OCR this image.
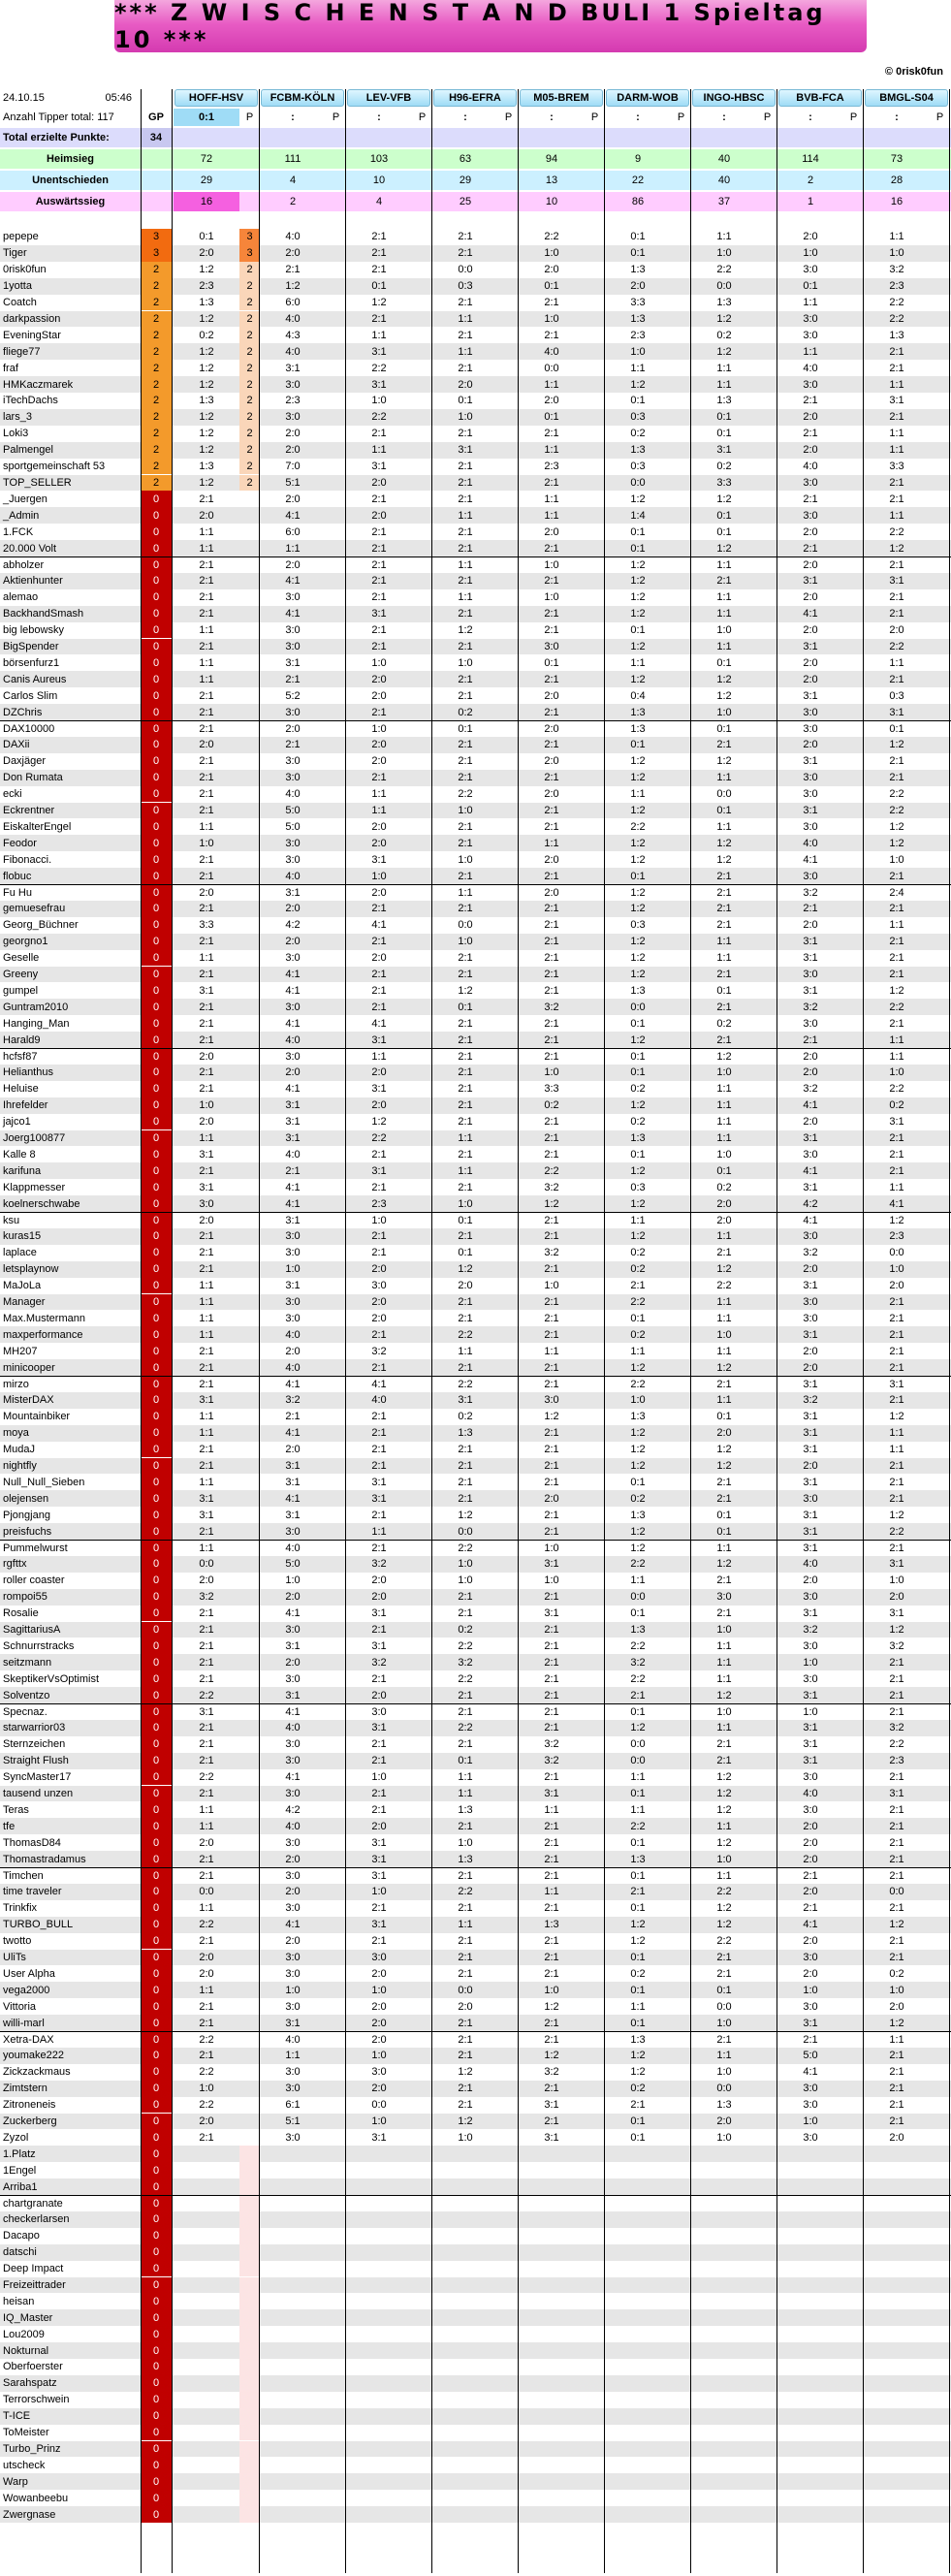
*** Z W I S C H E N S T A N D BULI 1 Spieltag 10 ***
© 0risk0fun
24.10.15	05:46	HOFF-HSV	FCBM-KÖLN	LEV-VFB	H96-EFRA	M05-BREM	DARM-WOB	INGO-HBSC	BVB-FCA	BMGL-S04
Anzahl Tipper total: 117	GP	0:1	P	:	P	:	P	:	P	:	P	:	P	:	P	:	P	:	P
Total erzielte Punkte:	34
Heimsieg	72	111	103	63	94	9	40	114	73
Unentschieden	29	4	10	29	13	22	40	2	28
Auswärtssieg	16	2	4	25	10	86	37	1	16
pepepe	3	0:1	3	4:0	2:1	2:1	2:2	0:1	1:1	2:0	1:1
Tiger	3	2:0	3	2:0	2:1	2:1	1:0	0:1	1:0	1:0	1:0
0risk0fun	2	1:2	2	2:1	2:1	0:0	2:0	1:3	2:2	3:0	3:2
1yotta	2	2:3	2	1:2	0:1	0:3	0:1	2:0	0:0	0:1	2:3
Coatch	2	1:3	2	6:0	1:2	2:1	2:1	3:3	1:3	1:1	2:2
darkpassion	2	1:2	2	4:0	2:1	1:1	1:0	1:3	1:2	3:0	2:2
EveningStar	2	0:2	2	4:3	1:1	2:1	2:1	2:3	0:2	3:0	1:3
fliege77	2	1:2	2	4:0	3:1	1:1	4:0	1:0	1:2	1:1	2:1
fraf	2	1:2	2	3:1	2:2	2:1	0:0	1:1	1:1	4:0	2:1
HMKaczmarek	2	1:2	2	3:0	3:1	2:0	1:1	1:2	1:1	3:0	1:1
iTechDachs	2	1:3	2	2:3	1:0	0:1	2:0	0:1	1:3	2:1	3:1
lars_3	2	1:2	2	3:0	2:2	1:0	0:1	0:3	0:1	2:0	2:1
Loki3	2	1:2	2	2:0	2:1	2:1	2:1	0:2	0:1	2:1	1:1
Palmengel	2	1:2	2	2:0	1:1	3:1	1:1	1:3	3:1	2:0	1:1
sportgemeinschaft 53	2	1:3	2	7:0	3:1	2:1	2:3	0:3	0:2	4:0	3:3
TOP_SELLER	2	1:2	2	5:1	2:0	2:1	2:1	0:0	3:3	3:0	2:1
_Juergen	0	2:1	2:0	2:1	2:1	1:1	1:2	1:2	2:1	2:1
_Admin	0	2:0	4:1	2:0	1:1	1:1	1:4	0:1	3:0	1:1
1.FCK	0	1:1	6:0	2:1	2:1	2:0	0:1	0:1	2:0	2:2
20.000 Volt	0	1:1	1:1	2:1	2:1	2:1	0:1	1:2	2:1	1:2
abholzer	0	2:1	2:0	2:1	1:1	1:0	1:2	1:1	2:0	2:1
Aktienhunter	0	2:1	4:1	2:1	2:1	2:1	1:2	2:1	3:1	3:1
alemao	0	2:1	3:0	2:1	1:1	1:0	1:2	1:1	2:0	2:1
BackhandSmash	0	2:1	4:1	3:1	2:1	2:1	1:2	1:1	4:1	2:1
big lebowsky	0	1:1	3:0	2:1	1:2	2:1	0:1	1:0	2:0	2:0
BigSpender	0	2:1	3:0	2:1	2:1	3:0	1:2	1:1	3:1	2:2
börsenfurz1	0	1:1	3:1	1:0	1:0	0:1	1:1	0:1	2:0	1:1
Canis Aureus	0	1:1	2:1	2:0	2:1	2:1	1:2	1:2	2:0	2:1
Carlos Slim	0	2:1	5:2	2:0	2:1	2:0	0:4	1:2	3:1	0:3
DZChris	0	2:1	3:0	2:1	0:2	2:1	1:3	1:0	3:0	3:1
DAX10000	0	2:1	2:0	1:0	0:1	2:0	1:3	0:1	3:0	0:1
DAXii	0	2:0	2:1	2:0	2:1	2:1	0:1	2:1	2:0	1:2
Daxjäger	0	2:1	3:0	2:0	2:1	2:0	1:2	1:2	3:1	2:1
Don Rumata	0	2:1	3:0	2:1	2:1	2:1	1:2	1:1	3:0	2:1
ecki	0	2:1	4:0	1:1	2:2	2:0	1:1	0:0	3:0	2:2
Eckrentner	0	2:1	5:0	1:1	1:0	2:1	1:2	0:1	3:1	2:2
EiskalterEngel	0	1:1	5:0	2:0	2:1	2:1	2:2	1:1	3:0	1:2
Feodor	0	1:0	3:0	2:0	2:1	1:1	1:2	1:2	4:0	1:2
Fibonacci.	0	2:1	3:0	3:1	1:0	2:0	1:2	1:2	4:1	1:0
flobuc	0	2:1	4:0	1:0	2:1	2:1	0:1	2:1	3:0	2:1
Fu Hu	0	2:0	3:1	2:0	1:1	2:0	1:2	2:1	3:2	2:4
gemuesefrau	0	2:1	2:0	2:1	2:1	2:1	1:2	2:1	2:1	2:1
Georg_Büchner	0	3:3	4:2	4:1	0:0	2:1	0:3	2:1	2:0	1:1
georgno1	0	2:1	2:0	2:1	1:0	2:1	1:2	1:1	3:1	2:1
Geselle	0	1:1	3:0	2:0	2:1	2:1	1:2	1:1	3:1	2:1
Greeny	0	2:1	4:1	2:1	2:1	2:1	1:2	2:1	3:0	2:1
gumpel	0	3:1	4:1	2:1	1:2	2:1	1:3	0:1	3:1	1:2
Guntram2010	0	2:1	3:0	2:1	0:1	3:2	0:0	2:1	3:2	2:2
Hanging_Man	0	2:1	4:1	4:1	2:1	2:1	0:1	0:2	3:0	2:1
Harald9	0	2:1	4:0	3:1	2:1	2:1	1:2	2:1	2:1	1:1
hcfsf87	0	2:0	3:0	1:1	2:1	2:1	0:1	1:2	2:0	1:1
Helianthus	0	2:1	2:0	2:0	2:1	1:0	0:1	1:0	2:0	1:0
Heluise	0	2:1	4:1	3:1	2:1	3:3	0:2	1:1	3:2	2:2
Ihrefelder	0	1:0	3:1	2:0	2:1	0:2	1:2	1:1	4:1	0:2
jajco1	0	2:0	3:1	1:2	2:1	2:1	0:2	1:1	2:0	3:1
Joerg100877	0	1:1	3:1	2:2	1:1	2:1	1:3	1:1	3:1	2:1
Kalle 8	0	3:1	4:0	2:1	2:1	2:1	0:1	1:0	3:0	2:1
karifuna	0	2:1	2:1	3:1	1:1	2:2	1:2	0:1	4:1	2:1
Klappmesser	0	3:1	4:1	2:1	2:1	3:2	0:3	0:2	3:1	1:1
koelnerschwabe	0	3:0	4:1	2:3	1:0	1:2	1:2	2:0	4:2	4:1
ksu	0	2:0	3:1	1:0	0:1	2:1	1:1	2:0	4:1	1:2
kuras15	0	2:1	3:0	2:1	2:1	2:1	1:2	1:1	3:0	2:3
laplace	0	2:1	3:0	2:1	0:1	3:2	0:2	2:1	3:2	0:0
letsplaynow	0	2:1	1:0	2:0	1:2	2:1	0:2	1:2	2:0	1:0
MaJoLa	0	1:1	3:1	3:0	2:0	1:0	2:1	2:2	3:1	2:0
Manager	0	1:1	3:0	2:0	2:1	2:1	2:2	1:1	3:0	2:1
Max.Mustermann	0	1:1	3:0	2:0	2:1	2:1	0:1	1:1	3:0	2:1
maxperformance	0	1:1	4:0	2:1	2:2	2:1	0:2	1:0	3:1	2:1
MH207	0	2:1	2:0	3:2	1:1	1:1	1:1	1:1	2:0	2:1
minicooper	0	2:1	4:0	2:1	2:1	2:1	1:2	1:2	2:0	2:1
mirzo	0	2:1	4:1	4:1	2:2	2:1	2:2	2:1	3:1	3:1
MisterDAX	0	3:1	3:2	4:0	3:1	3:0	1:0	1:1	3:2	2:1
Mountainbiker	0	1:1	2:1	2:1	0:2	1:2	1:3	0:1	3:1	1:2
moya	0	1:1	4:1	2:1	1:3	2:1	1:2	2:0	3:1	1:1
MudaJ	0	2:1	2:0	2:1	2:1	2:1	1:2	1:2	3:1	1:1
nightfly	0	2:1	3:1	2:1	2:1	2:1	1:2	1:2	2:0	2:1
Null_Null_Sieben	0	1:1	3:1	3:1	2:1	2:1	0:1	2:1	3:1	2:1
olejensen	0	3:1	4:1	3:1	2:1	2:0	0:2	2:1	3:0	2:1
Pjongjang	0	3:1	3:1	2:1	1:2	2:1	1:3	0:1	3:1	1:2
preisfuchs	0	2:1	3:0	1:1	0:0	2:1	1:2	0:1	3:1	2:2
Pummelwurst	0	1:1	4:0	2:1	2:2	1:0	1:2	1:1	3:1	2:1
rgfttx	0	0:0	5:0	3:2	1:0	3:1	2:2	1:2	4:0	3:1
roller coaster	0	2:0	1:0	2:0	1:0	1:0	1:1	2:1	2:0	1:0
rompoi55	0	3:2	2:0	2:0	2:1	2:1	0:0	3:0	3:0	2:0
Rosalie	0	2:1	4:1	3:1	2:1	3:1	0:1	2:1	3:1	3:1
SagittariusA	0	2:1	3:0	2:1	0:2	2:1	1:3	1:0	3:2	1:2
Schnurrstracks	0	2:1	3:1	3:1	2:2	2:1	2:2	1:1	3:0	3:2
seitzmann	0	2:1	2:0	3:2	3:2	2:1	3:2	1:1	1:0	2:1
SkeptikerVsOptimist	0	2:1	3:0	2:1	2:2	2:1	2:2	1:1	3:0	2:1
Solventzo	0	2:2	3:1	2:0	2:1	2:1	2:1	1:2	3:1	2:1
Specnaz.	0	3:1	4:1	3:0	2:1	2:1	0:1	1:0	1:0	2:1
starwarrior03	0	2:1	4:0	3:1	2:2	2:1	1:2	1:1	3:1	3:2
Sternzeichen	0	2:1	3:0	2:1	2:1	3:2	0:0	2:1	3:1	2:2
Straight Flush	0	2:1	3:0	2:1	0:1	3:2	0:0	2:1	3:1	2:3
SyncMaster17	0	2:2	4:1	1:0	1:1	2:1	1:1	1:2	3:0	2:1
tausend unzen	0	2:1	3:0	2:1	1:1	3:1	0:1	1:2	4:0	3:1
Teras	0	1:1	4:2	2:1	1:3	1:1	1:1	1:2	3:0	2:1
tfe	0	1:1	4:0	2:0	2:1	2:1	2:2	1:1	2:0	2:1
ThomasD84	0	2:0	3:0	3:1	1:0	2:1	0:1	1:2	2:0	2:1
Thomastradamus	0	2:1	2:0	3:1	1:3	2:1	1:3	1:0	2:0	2:1
Timchen	0	2:1	3:0	3:1	2:1	2:1	0:1	1:1	2:1	2:1
time traveler	0	0:0	2:0	1:0	2:2	1:1	2:1	2:2	2:0	0:0
Trinkfix	0	1:1	3:0	2:1	2:1	2:1	0:1	1:2	2:1	2:1
TURBO_BULL	0	2:2	4:1	3:1	1:1	1:3	1:2	1:2	4:1	1:2
twotto	0	2:1	2:0	2:1	2:1	2:1	1:2	2:2	2:0	2:1
UliTs	0	2:0	3:0	3:0	2:1	2:1	0:1	2:1	3:0	2:1
User Alpha	0	2:0	3:0	2:0	2:1	2:1	0:2	2:1	2:0	0:2
vega2000	0	1:1	1:0	1:0	0:0	1:0	0:1	0:1	1:0	1:0
Vittoria	0	2:1	3:0	2:0	2:0	1:2	1:1	0:0	3:0	2:0
willi-marl	0	2:1	3:1	2:0	2:1	2:1	0:1	1:0	3:1	1:2
Xetra-DAX	0	2:2	4:0	2:0	2:1	2:1	1:3	2:1	2:1	1:1
youmake222	0	2:1	1:1	1:0	2:1	1:2	1:2	1:1	5:0	2:1
Zickzackmaus	0	2:2	3:0	3:0	1:2	3:2	1:2	1:0	4:1	2:1
Zimtstern	0	1:0	3:0	2:0	2:1	2:1	0:2	0:0	3:0	2:1
Zitroneneis	0	2:2	6:1	0:0	2:1	3:1	2:1	1:3	3:0	2:1
Zuckerberg	0	2:0	5:1	1:0	1:2	2:1	0:1	2:0	1:0	2:1
Zyzol	0	2:1	3:0	3:1	1:0	3:1	0:1	1:0	3:0	2:0
1.Platz	0
1Engel	0
Arriba1	0
chartgranate	0
checkerlarsen	0
Dacapo	0
datschi	0
Deep Impact	0
Freizeittrader	0
heisan	0
IQ_Master	0
Lou2009	0
Nokturnal	0
Oberfoerster	0
Sarahspatz	0
Terrorschwein	0
T-ICE	0
ToMeister	0
Turbo_Prinz	0
utscheck	0
Warp	0
Wowanbeebu	0
Zwergnase	0
